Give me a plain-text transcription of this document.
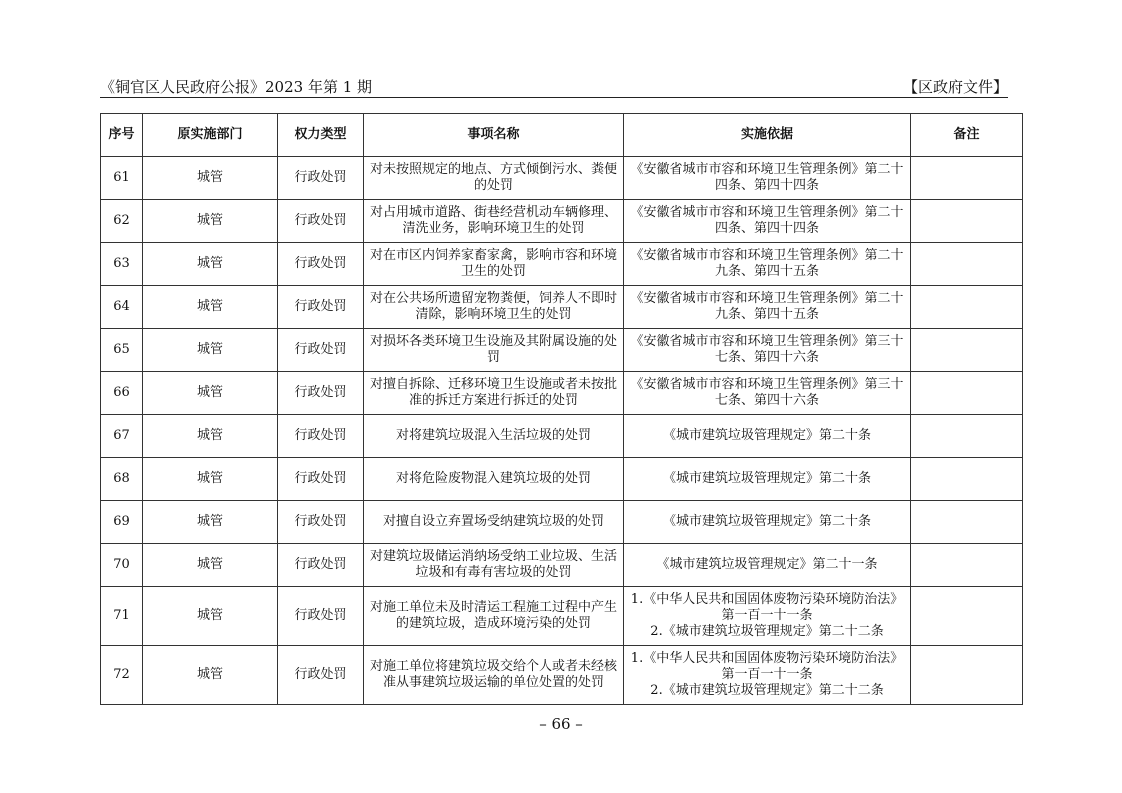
《铜官区人民政府公报》2023 年第 1 期	【区政府文件】
序号	原实施部门	权力类型	事项名称	实施依据	备注
61	城管	行政处罚	对未按照规定的地点、方式倾倒污水、粪便的处罚	《安徽省城市市容和环境卫生管理条例》第二十四条、第四十四条	

62	城管	行政处罚	对占用城市道路、街巷经营机动车辆修理、清洗业务，影响环境卫生的处罚	《安徽省城市市容和环境卫生管理条例》第二十四条、第四十四条	

63	城管	行政处罚	对在市区内饲养家畜家禽，影响市容和环境卫生的处罚	《安徽省城市市容和环境卫生管理条例》第二十九条、第四十五条	

64	城管	行政处罚	对在公共场所遗留宠物粪便，饲养人不即时清除，影响环境卫生的处罚	《安徽省城市市容和环境卫生管理条例》第二十九条、第四十五条	

65	城管	行政处罚	对损坏各类环境卫生设施及其附属设施的处罚	《安徽省城市市容和环境卫生管理条例》第三十七条、第四十六条	

66	城管	行政处罚	对擅自拆除、迁移环境卫生设施或者未按批准的拆迁方案进行拆迁的处罚	《安徽省城市市容和环境卫生管理条例》第三十七条、第四十六条	

67	城管	行政处罚	对将建筑垃圾混入生活垃圾的处罚	《城市建筑垃圾管理规定》第二十条	

68	城管	行政处罚	对将危险废物混入建筑垃圾的处罚	《城市建筑垃圾管理规定》第二十条	

69	城管	行政处罚	对擅自设立弃置场受纳建筑垃圾的处罚	《城市建筑垃圾管理规定》第二十条	

70	城管	行政处罚	对建筑垃圾储运消纳场受纳工业垃圾、生活垃圾和有毒有害垃圾的处罚	《城市建筑垃圾管理规定》第二十一条	

71	城管	行政处罚	对施工单位未及时清运工程施工过程中产生的建筑垃圾，造成环境污染的处罚	1.《中华人民共和国固体废物污染环境防治法》第一百一十一条
2.《城市建筑垃圾管理规定》第二十二条	

72	城管	行政处罚	对施工单位将建筑垃圾交给个人或者未经核准从事建筑垃圾运输的单位处置的处罚	1.《中华人民共和国固体废物污染环境防治法》第一百一十一条
2.《城市建筑垃圾管理规定》第二十二条	

– 66 –
